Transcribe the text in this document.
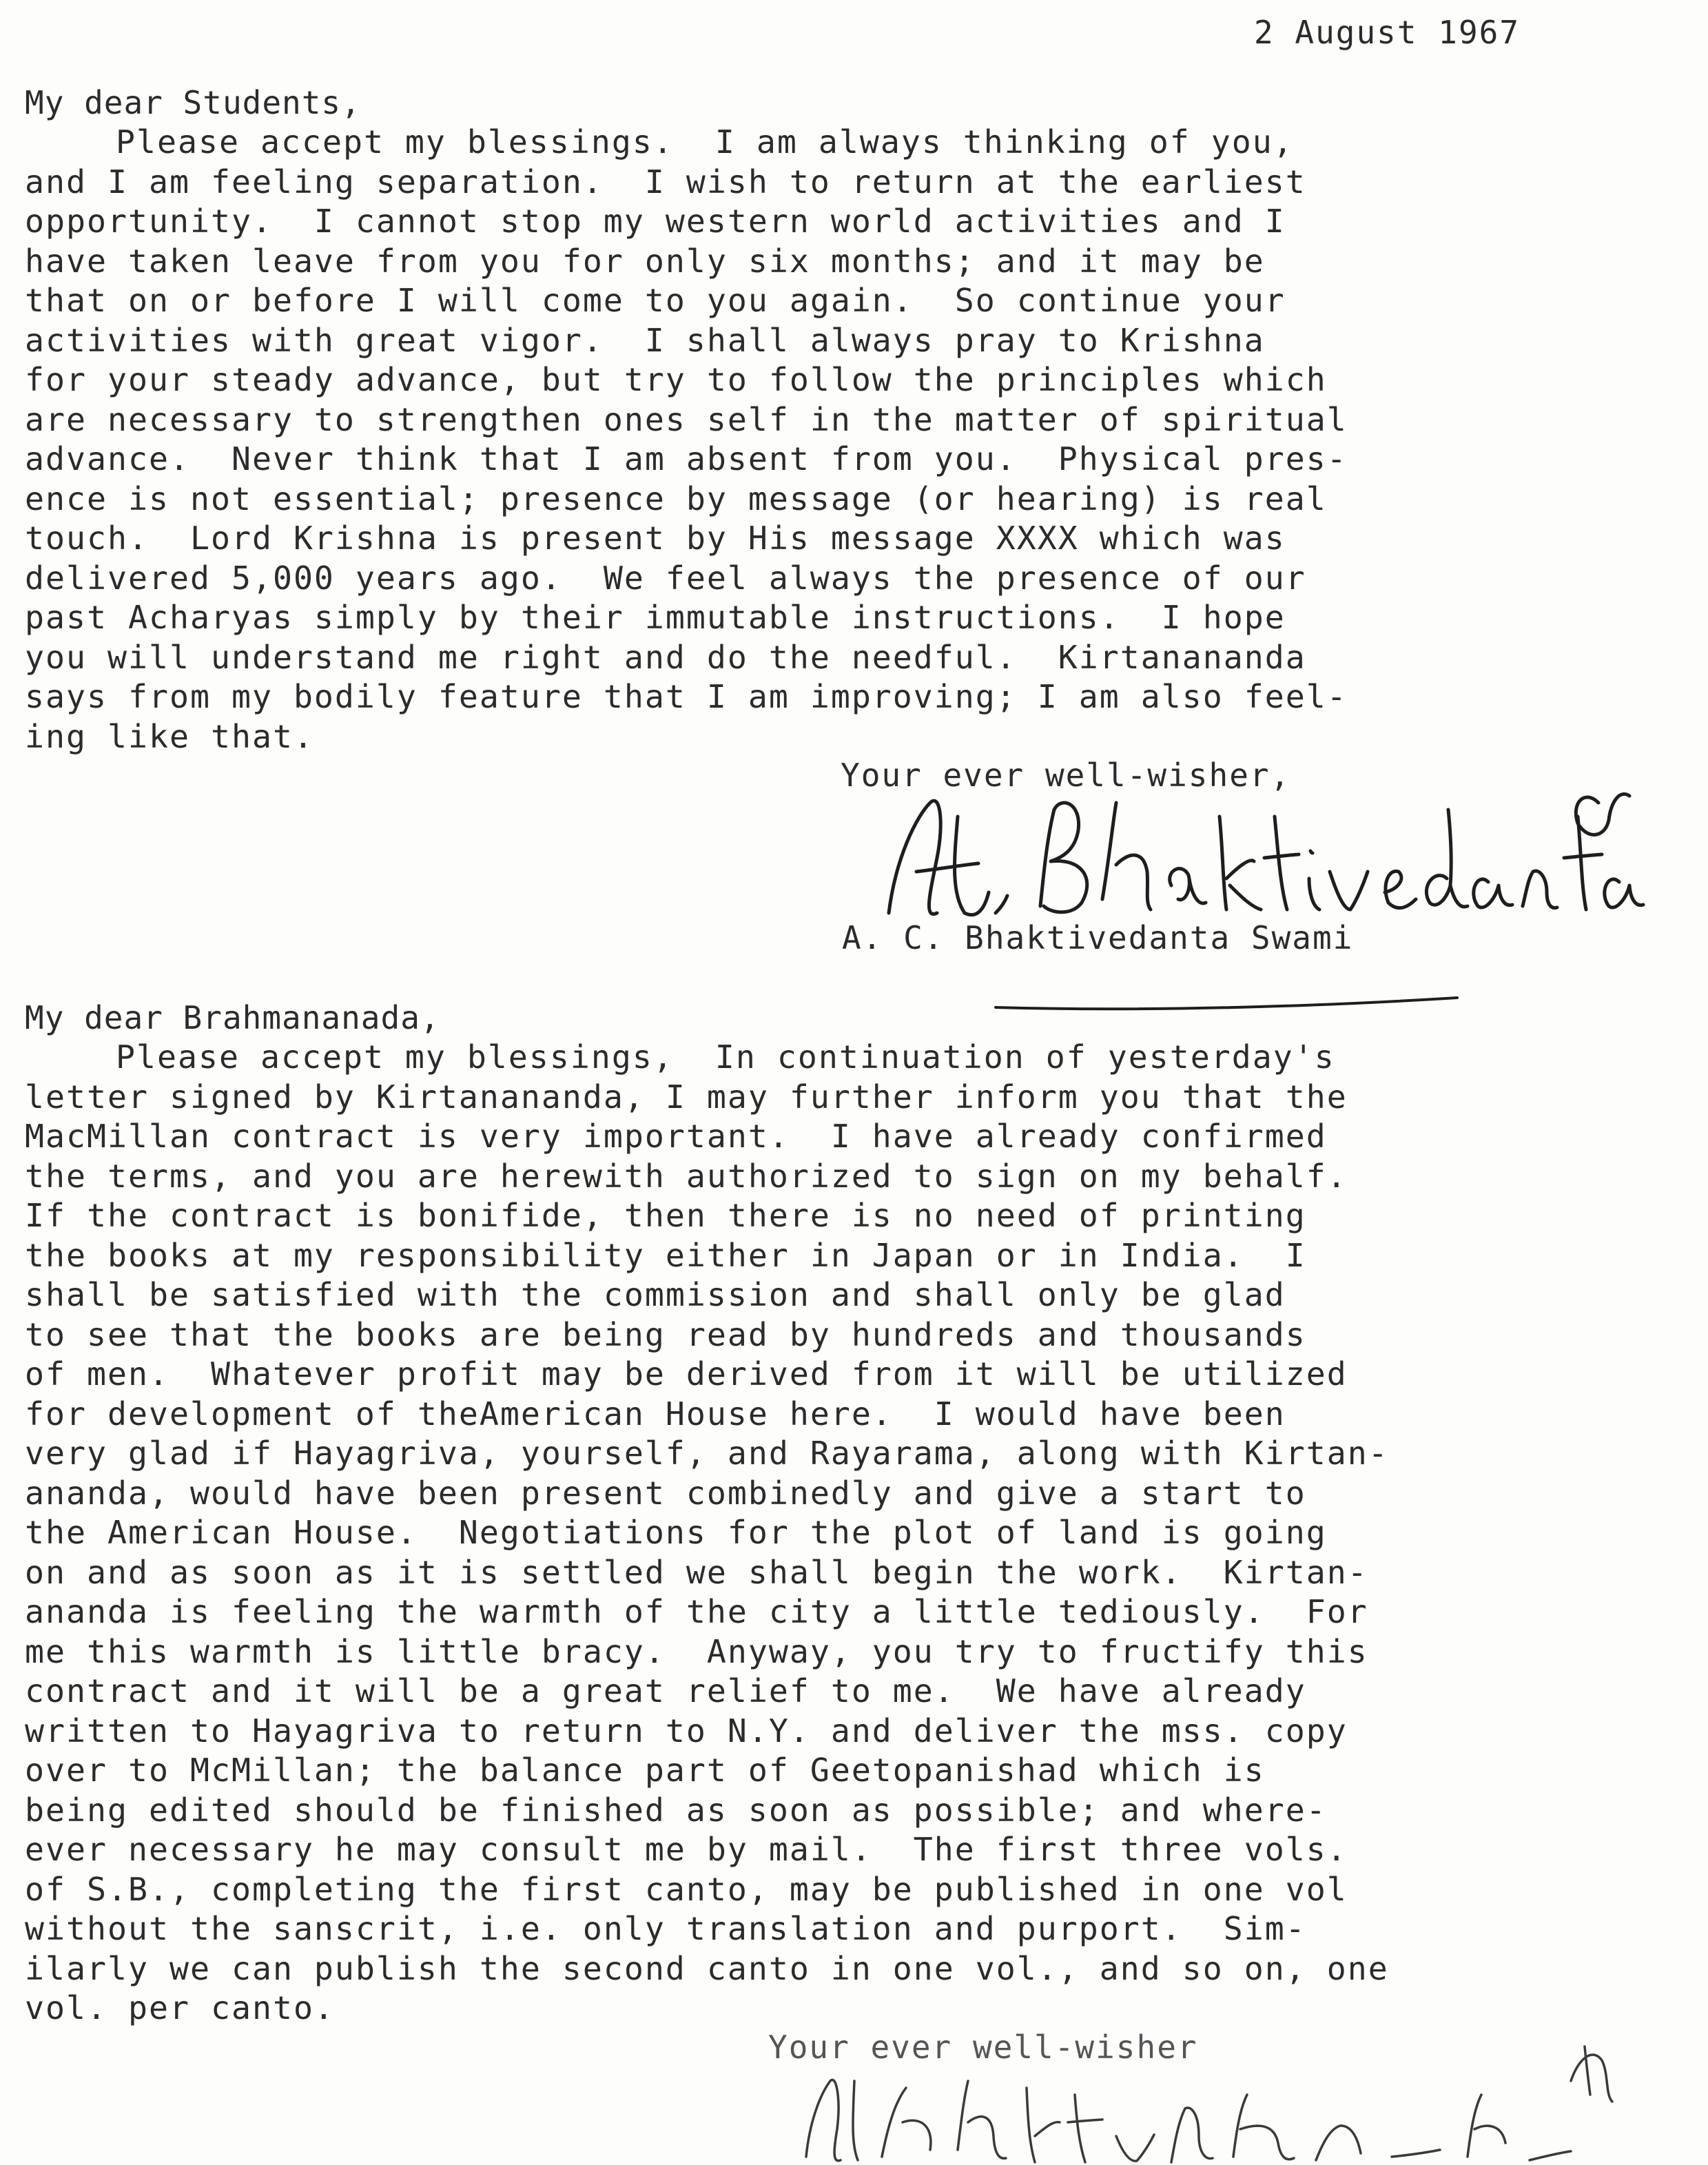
2 August 1967
My dear Students,
Please accept my blessings.  I am always thinking of you,
and I am feeling separation.  I wish to return at the earliest
opportunity.  I cannot stop my western world activities and I
have taken leave from you for only six months; and it may be
that on or before I will come to you again.  So continue your
activities with great vigor.  I shall always pray to Krishna
for your steady advance, but try to follow the principles which
are necessary to strengthen ones self in the matter of spiritual
advance.  Never think that I am absent from you.  Physical pres-
ence is not essential; presence by message (or hearing) is real
touch.  Lord Krishna is present by His message XXXX which was
delivered 5,000 years ago.  We feel always the presence of our
past Acharyas simply by their immutable instructions.  I hope
you will understand me right and do the needful.  Kirtanananda
says from my bodily feature that I am improving; I am also feel-
ing like that.
Your ever well-wisher,
A. C. Bhaktivedanta Swami
My dear Brahmananada,
Please accept my blessings,  In continuation of yesterday's
letter signed by Kirtanananda, I may further inform you that the
MacMillan contract is very important.  I have already confirmed
the terms, and you are herewith authorized to sign on my behalf.
If the contract is bonifide, then there is no need of printing
the books at my responsibility either in Japan or in India.  I
shall be satisfied with the commission and shall only be glad
to see that the books are being read by hundreds and thousands
of men.  Whatever profit may be derived from it will be utilized
for development of theAmerican House here.  I would have been
very glad if Hayagriva, yourself, and Rayarama, along with Kirtan-
ananda, would have been present combinedly and give a start to
the American House.  Negotiations for the plot of land is going
on and as soon as it is settled we shall begin the work.  Kirtan-
ananda is feeling the warmth of the city a little tediously.  For
me this warmth is little bracy.  Anyway, you try to fructify this
contract and it will be a great relief to me.  We have already
written to Hayagriva to return to N.Y. and deliver the mss. copy
over to McMillan; the balance part of Geetopanishad which is
being edited should be finished as soon as possible; and where-
ever necessary he may consult me by mail.  The first three vols.
of S.B., completing the first canto, may be published in one vol
without the sanscrit, i.e. only translation and purport.  Sim-
ilarly we can publish the second canto in one vol., and so on, one
vol. per canto.
Your ever well-wisher
